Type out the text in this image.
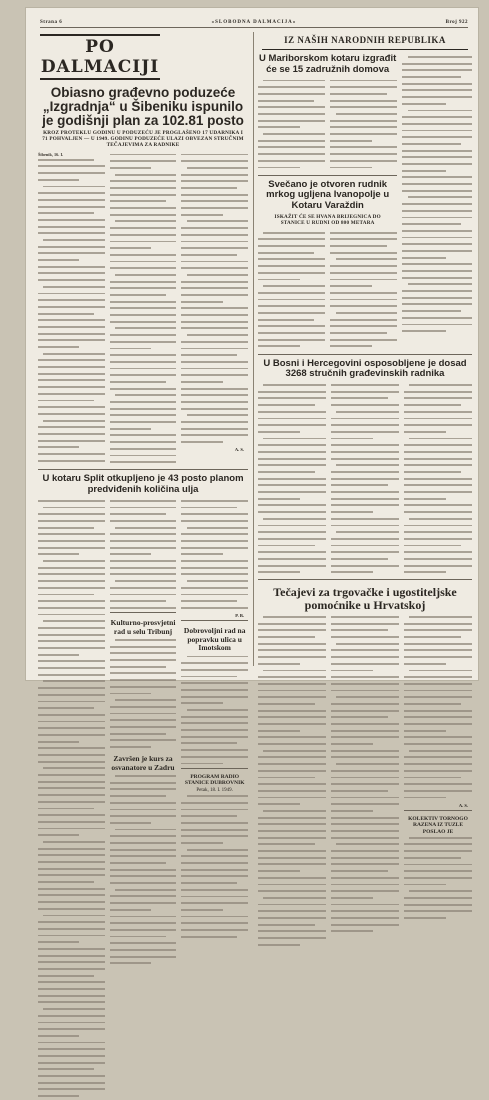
Strana 6	»SLOBODNA DALMACIJA«	Broj 922
PO DALMACIJI
Obiasno građevno poduzeće „Izgradnja“ u Šibeniku ispunilo je godišnji plan za 102.81 posto
KROZ PROTEKLU GODINU U PODUZEĆU JE PROGLAŠENO 17 UDARNIKA I 71 POHVALJEN — U 1949. GODINU PODUZEĆE ULAZI OBVEZAN STRUČNIM TEČAJEVIMA ZA RADNIKE

Šibenik, 16. I.

A. S.
U kotaru Split otkupljeno je 43 posto planom predviđenih količina ulja
Kulturno-prosvjetni rad u selu Tribunj
Završen je kurs za osvanatore u Zadru
P. B.
Dobrovoljni rad na popravku ulica u Imotskom
PROGRAM RADIO STANICE DUBROVNIK
Petak, 18. I. 1949.
IZ NAŠIH NARODNIH REPUBLIKA
U Mariborskom kotaru izgrađit će se 15 zadružnih domova
Svečano je otvoren rudnik mrkog ugljena Ivanopolje u Kotaru Varaždin
ISKAŽIT ĆE SE HVANA BRIJEGNICA DO STANICE U RUDNI OD 800 METARA
U Bosni i Hercegovini osposobljene je dosad 3268 stručnih građevinskih radnika
Tečajevi za trgovačke i ugostiteljske pomoćnike u Hrvatskoj
A. S.
KOLEKTIV TORNOGO RAZENA IZ TUZLE POSLAO JE
